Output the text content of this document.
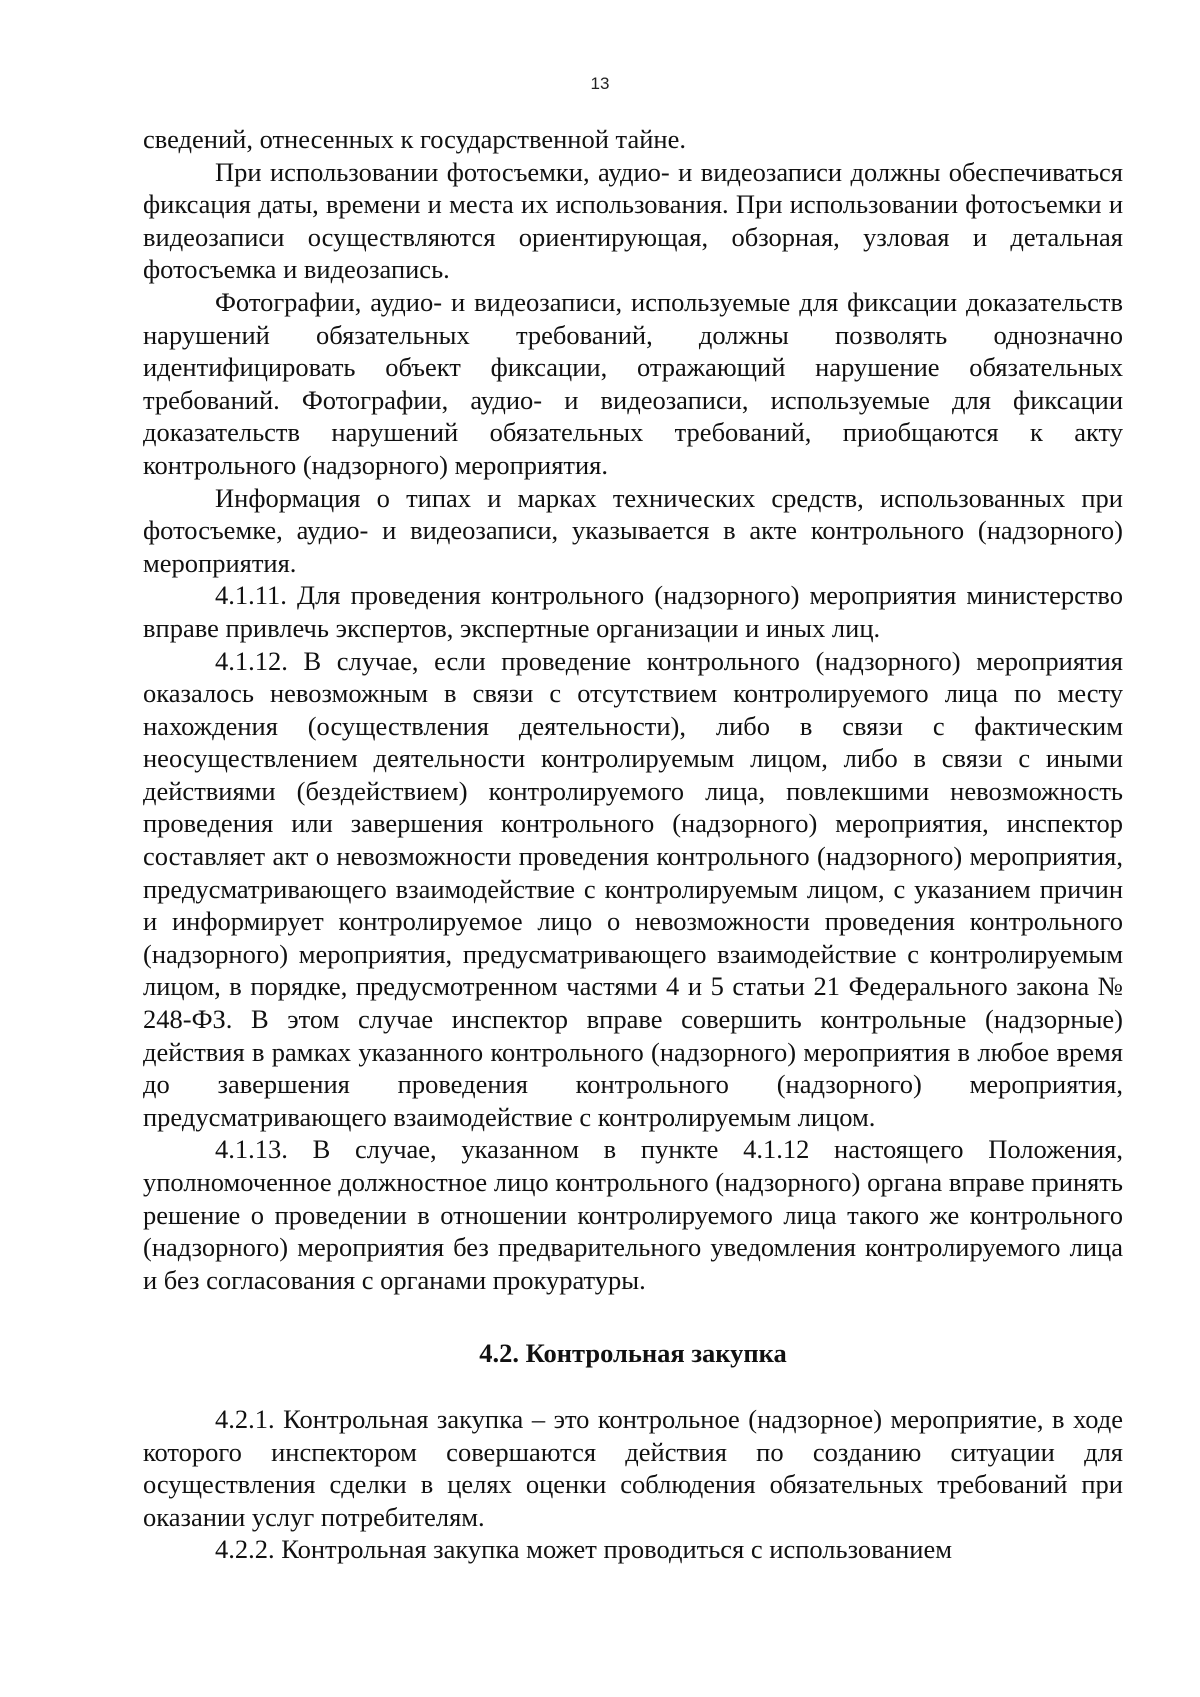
13

сведений, отнесенных к государственной тайне.

При использовании фотосъемки, аудио- и видеозаписи должны обеспечиваться фиксация даты, времени и места их использования. При использовании фотосъемки и видеозаписи осуществляются ориентирующая, обзорная, узловая и детальная фотосъемка и видеозапись.

Фотографии, аудио- и видеозаписи, используемые для фиксации доказательств нарушений обязательных требований, должны позволять однозначно идентифицировать объект фиксации, отражающий нарушение обязательных требований. Фотографии, аудио- и видеозаписи, используемые для фиксации доказательств нарушений обязательных требований, приобщаются к акту контрольного (надзорного) мероприятия.

Информация о типах и марках технических средств, использованных при фотосъемке, аудио- и видеозаписи, указывается в акте контрольного (надзорного) мероприятия.

4.1.11. Для проведения контрольного (надзорного) мероприятия министерство вправе привлечь экспертов, экспертные организации и иных лиц.

4.1.12. В случае, если проведение контрольного (надзорного) мероприятия оказалось невозможным в связи с отсутствием контролируемого лица по месту нахождения (осуществления деятельности), либо в связи с фактическим неосуществлением деятельности контролируемым лицом, либо в связи с иными действиями (бездействием) контролируемого лица, повлекшими невозможность проведения или завершения контрольного (надзорного) мероприятия, инспектор составляет акт о невозможности проведения контрольного (надзорного) мероприятия, предусматривающего взаимодействие с контролируемым лицом, с указанием причин и информирует контролируемое лицо о невозможности проведения контрольного (надзорного) мероприятия, предусматривающего взаимодействие с контролируемым лицом, в порядке, предусмотренном частями 4 и 5 статьи 21 Федерального закона № 248-ФЗ. В этом случае инспектор вправе совершить контрольные (надзорные) действия в рамках указанного контрольного (надзорного) мероприятия в любое время до завершения проведения контрольного (надзорного) мероприятия, предусматривающего взаимодействие с контролируемым лицом.

4.1.13. В случае, указанном в пункте 4.1.12 настоящего Положения, уполномоченное должностное лицо контрольного (надзорного) органа вправе принять решение о проведении в отношении контролируемого лица такого же контрольного (надзорного) мероприятия без предварительного уведомления контролируемого лица и без согласования с органами прокуратуры.

4.2. Контрольная закупка

4.2.1. Контрольная закупка – это контрольное (надзорное) мероприятие, в ходе которого инспектором совершаются действия по созданию ситуации для осуществления сделки в целях оценки соблюдения обязательных требований при оказании услуг потребителям.

4.2.2. Контрольная закупка может проводиться с использованием
